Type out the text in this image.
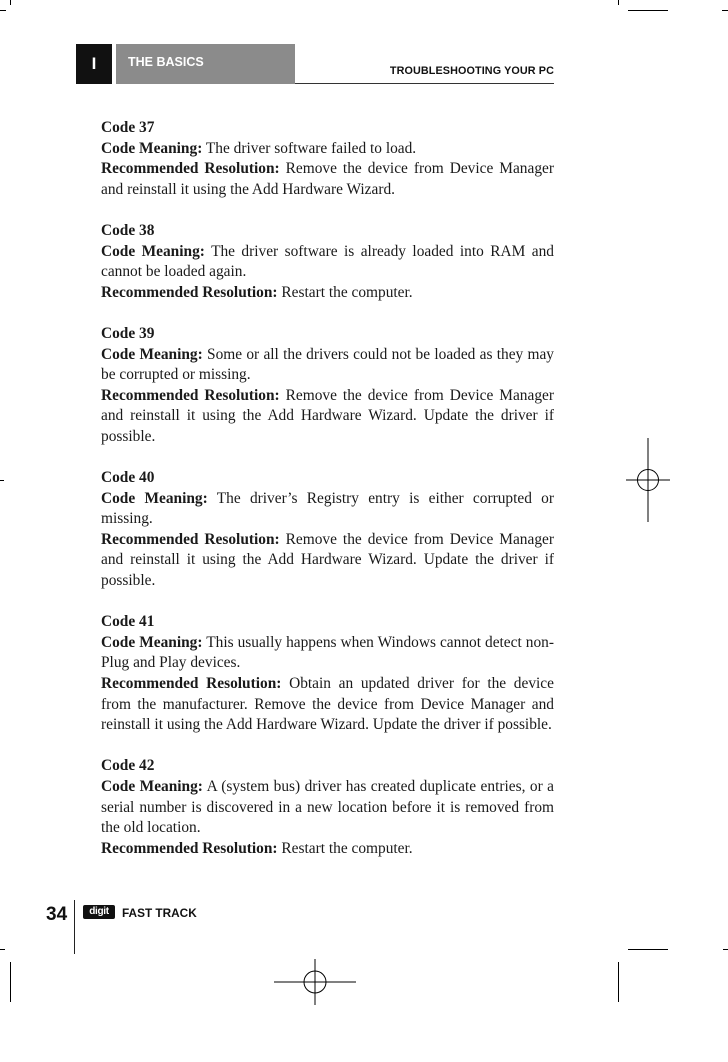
I	THE BASICS
TROUBLESHOOTING YOUR PC

Code 37

Code Meaning: The driver software failed to load.

Recommended Resolution: Remove the device from Device Manager and reinstall it using the Add Hardware Wizard.

Code 38

Code Meaning: The driver software is already loaded into RAM and cannot be loaded again.

Recommended Resolution: Restart the computer.

Code 39

Code Meaning: Some or all the drivers could not be loaded as they may be corrupted or missing.

Recommended Resolution: Remove the device from Device Manager and reinstall it using the Add Hardware Wizard. Update the driver if possible.

Code 40

Code Meaning: The driver’s Registry entry is either corrupted or missing.

Recommended Resolution: Remove the device from Device Manager and reinstall it using the Add Hardware Wizard. Update the driver if possible.

Code 41

Code Meaning: This usually happens when Windows cannot detect non-Plug and Play devices.

Recommended Resolution: Obtain an updated driver for the device from the manufacturer. Remove the device from Device Manager and reinstall it using the Add Hardware Wizard. Update the driver if possible.

Code 42

Code Meaning: A (system bus) driver has created duplicate entries, or a serial number is discovered in a new location before it is removed from the old location.

Recommended Resolution: Restart the computer.

34	digit	FAST TRACK
